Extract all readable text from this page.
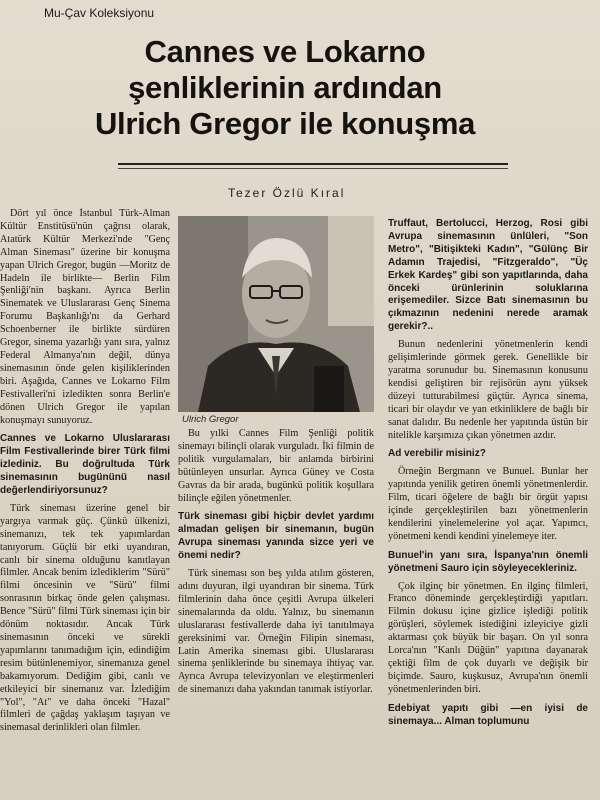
Mu-Çav Koleksiyonu
Cannes ve Lokarno
şenliklerinin ardından
Ulrich Gregor ile konuşma
Tezer Özlü Kıral

Dört yıl önce İstanbul Türk-Alman Kültür Enstitüsü'nün çağrısı olarak, Atatürk Kültür Merkezi'nde "Genç Alman Sineması" üzerine bir konuşma yapan Ulrich Gregor, bugün —Moritz de Hadeln ile birlikte— Berlin Film Şenliği'nin başkanı. Ayrıca Berlin Sinematek ve Uluslararası Genç Sinema Forumu Başkanlığı'nı da Gerhard Schoenberner ile birlikte sürdüren Gregor, sinema yazarlığı yanı sıra, yalnız Federal Almanya'nın değil, dünya sinemasının önde gelen kişiliklerinden biri. Aşağıda, Cannes ve Lokarno Film Festivalleri'ni izledikten sonra Berlin'e dönen Ulrich Gregor ile yapılan konuşmayı sunuyoruz.

Cannes ve Lokarno Uluslararası Film Festivallerinde birer Türk filmi izlediniz. Bu doğrultuda Türk sinemasının bugününü nasıl değerlendiriyorsunuz?

Türk sineması üzerine genel bir yargıya varmak güç. Çünkü ülkenizi, sinemanızı, tek tek yapımlardan tanıyorum. Güçlü bir etki uyandıran, canlı bir sinema olduğunu kanıtlayan filmler. Ancak benim izlediklerim "Sürü" filmi öncesinin ve "Sürü" filmi sonrasının birkaç önde gelen çalışması. Bence "Sürü" filmi Türk sineması için bir dönüm noktasıdır. Ancak Türk sinemasının önceki ve sürekli yapımlarını tanımadığım için, edindiğim resim bütünlenemiyor, sinemanıza genel bakamıyorum. Dediğim gibi, canlı ve etkileyici bir sinemanız var. İzlediğim "Yol", "At" ve daha önceki "Hazal" filmleri de çağdaş yaklaşım taşıyan ve sinemasal derinlikleri olan filmler.

Ulrich Gregor

Bu yılki Cannes Film Şenliği politik sinemayı bilinçli olarak vurguladı. İki filmin de politik vurgulamaları, bir anlamda birbirini bütünleyen unsurlar. Ayrıca Güney ve Costa Gavras da bir arada, bugünkü politik koşullara bilinçle eğilen yönetmenler.

Türk sineması gibi hiçbir devlet yardımı almadan gelişen bir sinemanın, bugün Avrupa sineması yanında sizce yeri ve önemi nedir?

Türk sineması son beş yılda atılım gösteren, adını duyuran, ilgi uyandıran bir sinema. Türk filmlerinin daha önce çeşitli Avrupa ülkeleri sinemalarında da oldu. Yalnız, bu sinemanın uluslararası festivallerde daha iyi tanıtılmaya gereksinimi var. Örneğin Filipin sineması, Latin Amerika sineması gibi. Uluslararası sinema şenliklerinde bu sinemaya ihtiyaç var. Ayrıca Avrupa televizyonları ve eleştirmenleri de sinemanızı daha yakından tanımak istiyorlar.

Truffaut, Bertolucci, Herzog, Rosi gibi Avrupa sinemasının ünlüleri, "Son Metro", "Bitişikteki Kadın", "Gülünç Bir Adamın Trajedisi, "Fitzgeraldo", "Üç Erkek Kardeş" gibi son yapıtlarında, daha önceki ürünlerinin soluklarına erişemediler. Sizce Batı sinemasının bu çıkmazının nedenini nerede aramak gerekir?..

Bunun nedenlerini yönetmenlerin kendi gelişimlerinde görmek gerek. Genellikle bir yaratma sorunudur bu. Sinemasının konusunu kendisi geliştiren bir rejisörün aynı yüksek düzeyi tutturabilmesi güçtür. Ayrıca sinema, ticari bir olaydır ve yan etkinliklere de bağlı bir sanat dalıdır. Bu nedenle her yapıtında üstün bir nitelikle karşımıza çıkan yönetmen azdır.

Ad verebilir misiniz?

Örneğin Bergmann ve Bunuel. Bunlar her yapıtında yenilik getiren önemli yönetmenlerdir. Film, ticari öğelere de bağlı bir örgüt yapısı içinde gerçekleştirilen bazı yönetmenlerin kendilerini yinelemelerine yol açar. Yapımcı, yönetmeni kendi kendini yinelemeye iter.

Bunuel'in yanı sıra, İspanya'nın önemli yönetmeni Sauro için söyleyecekleriniz.

Çok ilginç bir yönetmen. En ilginç filmleri, Franco döneminde gerçekleştirdiği yapıtları. Filmin dokusu içine gizlice işlediği politik görüşleri, söylemek istediğini izleyiciye gizli aktarması çok büyük bir başarı. On yıl sonra Lorca'nın "Kanlı Düğün" yapıtına dayanarak çektiği film de çok duyarlı ve değişik bir biçimde. Sauro, kuşkusuz, Avrupa'nın önemli yönetmenlerinden biri.

Edebiyat yapıtı gibi —en iyisi de sinemaya... Alman toplumunu
